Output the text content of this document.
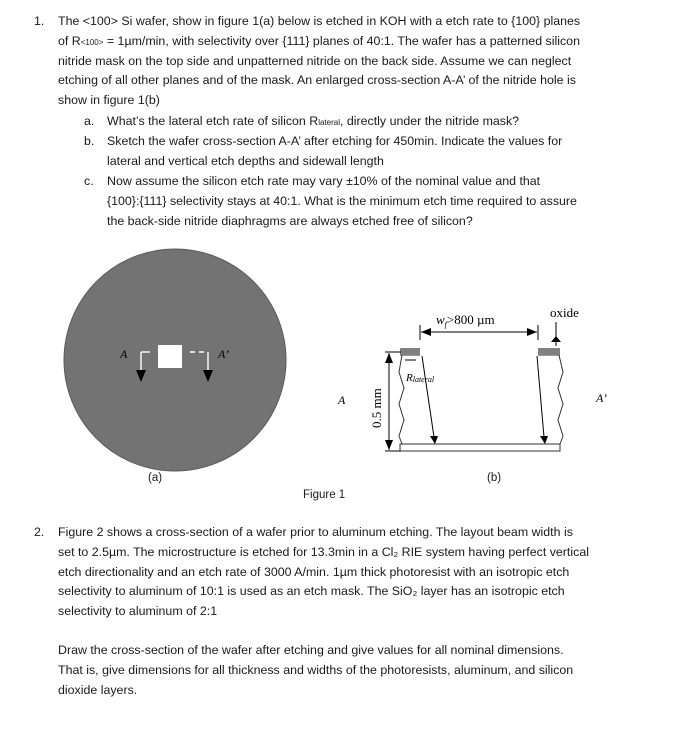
1. The <100> Si wafer, show in figure 1(a) below is etched in KOH with a etch rate to {100} planes
of R<100> = 1µm/min, with selectivity over {111} planes of 40:1. The wafer has a patterned silicon
nitride mask on the top side and unpatterned nitride on the back side. Assume we can neglect
etching of all other planes and of the mask. An enlarged cross-section A-A’ of the nitride hole is
show in figure 1(b)
a. What’s the lateral etch rate of silicon Rlateral, directly under the nitride mask?
b. Sketch the wafer cross-section A-A’ after etching for 450min. Indicate the values for
lateral and vertical etch depths and sidewall length
c. Now assume the silicon etch rate may vary ±10% of the nominal value and that
{100}:{111} selectivity stays at 40:1. What is the minimum etch time required to assure
the back-side nitride diaphragms are always etched free of silicon?
A	A’
$w_f>800$ µm	oxide
0.5 mm
Rlateral
A	A’
(a)	(b)
Figure 1
2. Figure 2 shows a cross-section of a wafer prior to aluminum etching. The layout beam width is
set to 2.5µm. The microstructure is etched for 13.3min in a Cl₂ RIE system having perfect vertical
etch directionality and an etch rate of 3000 A/min. 1µm thick photoresist with an isotropic etch
selectivity to aluminum of 10:1 is used as an etch mask. The SiO₂ layer has an isotropic etch
selectivity to aluminum of 2:1
Draw the cross-section of the wafer after etching and give values for all nominal dimensions.
That is, give dimensions for all thickness and widths of the photoresists, aluminum, and silicon
dioxide layers.
